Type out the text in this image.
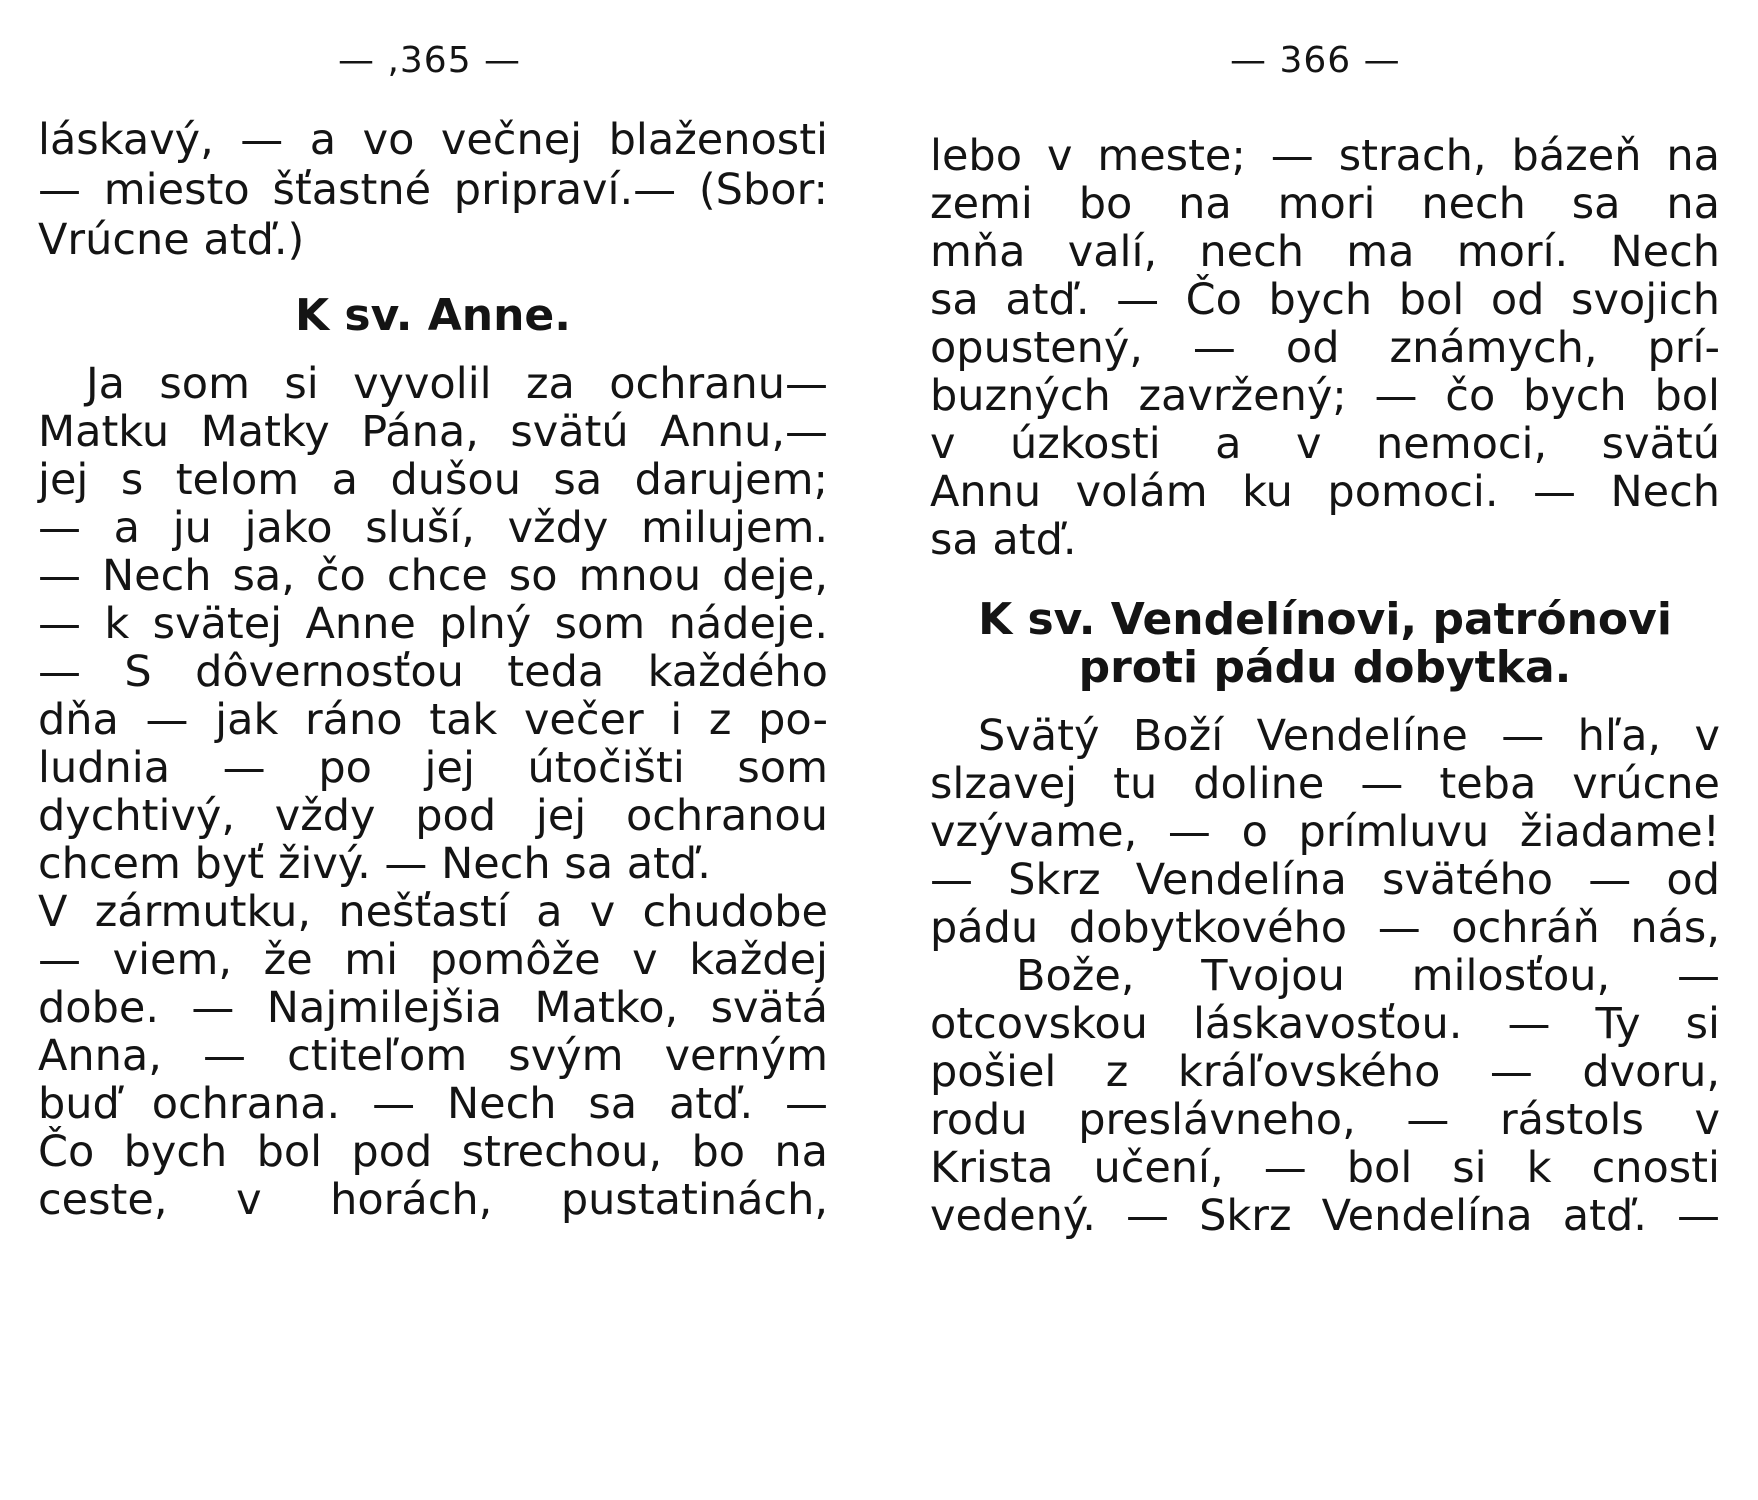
— ,365 —
láskavý, — a vo večnej blaženosti
— miesto šťastné pripraví.— (Sbor:
Vrúcne atď.)
K sv. Anne.
Ja som si vyvolil za ochranu—
Matku Matky Pána, svätú Annu,—
jej s telom a dušou sa darujem;
— a ju jako sluší, vždy milujem.
— Nech sa, čo chce so mnou deje,
— k svätej Anne plný som nádeje.
— S dôvernosťou teda každého
dňa — jak ráno tak večer i z po-
ludnia — po jej útočišti som
dychtivý, vždy pod jej ochranou
chcem byť živý. — Nech sa atď.
V zármutku, nešťastí a v chudobe
— viem, že mi pomôže v každej
dobe. — Najmilejšia Matko, svätá
Anna, — ctiteľom svým verným
buď ochrana. — Nech sa atď. —
Čo bych bol pod strechou, bo na
ceste, v horách, pustatinách,
— 366 —
lebo v meste; — strach, bázeň na
zemi bo na mori nech sa na
mňa valí, nech ma morí. Nech
sa atď. — Čo bych bol od svojich
opustený, — od známych, prí-
buzných zavržený; — čo bych bol
v úzkosti a v nemoci, svätú
Annu volám ku pomoci. — Nech
sa atď.
K sv. Vendelínovi, patrónovi
proti pádu dobytka.
Svätý Boží Vendelíne — hľa, v
slzavej tu doline — teba vrúcne
vzývame, — o prímluvu žiadame!
— Skrz Vendelína svätého — od
pádu dobytkového — ochráň nás,
Bože, Tvojou milosťou, —
otcovskou láskavosťou. — Ty si
pošiel z kráľovského — dvoru,
rodu preslávneho, — rástols v
Krista učení, — bol si k cnosti
vedený. — Skrz Vendelína atď. —
